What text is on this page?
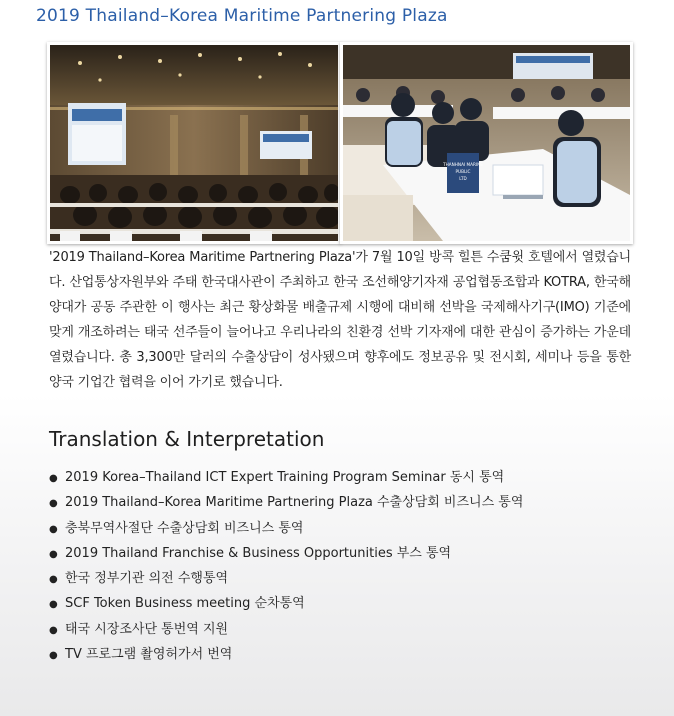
2019 Thailand–Korea Maritime Partnering Plaza
THANHNAI MARINE
PUBLIC
LTD

'2019 Thailand–Korea Maritime Partnering Plaza'가 7월 10일 방콕 힐튼 수쿰윗 호텔에서 열렸습니다. 산업통상자원부와 주태 한국대사관이 주최하고 한국 조선해양기자재 공업협동조합과 KOTRA, 한국해양대가 공동 주관한 이 행사는 최근 황상화물 배출규제 시행에 대비해 선박을 국제해사기구(IMO) 기준에 맞게 개조하려는 태국 선주들이 늘어나고 우리나라의 친환경 선박 기자재에 대한 관심이 증가하는 가운데 열렸습니다. 총 3,300만 달러의 수출상담이 성사됐으며 향후에도 정보공유 및 전시회, 세미나 등을 통한 양국 기업간 협력을 이어 가기로 했습니다.

Translation & Interpretation
● 2019 Korea–Thailand ICT Expert Training Program Seminar 동시 통역
● 2019 Thailand–Korea Maritime Partnering Plaza 수출상담회 비즈니스 통역
● 충북무역사절단 수출상담회 비즈니스 통역
● 2019 Thailand Franchise & Business Opportunities 부스 통역
● 한국 정부기관 의전 수행통역
● SCF Token Business meeting 순차통역
● 태국 시장조사단 통번역 지원
● TV 프로그램 촬영허가서 번역
